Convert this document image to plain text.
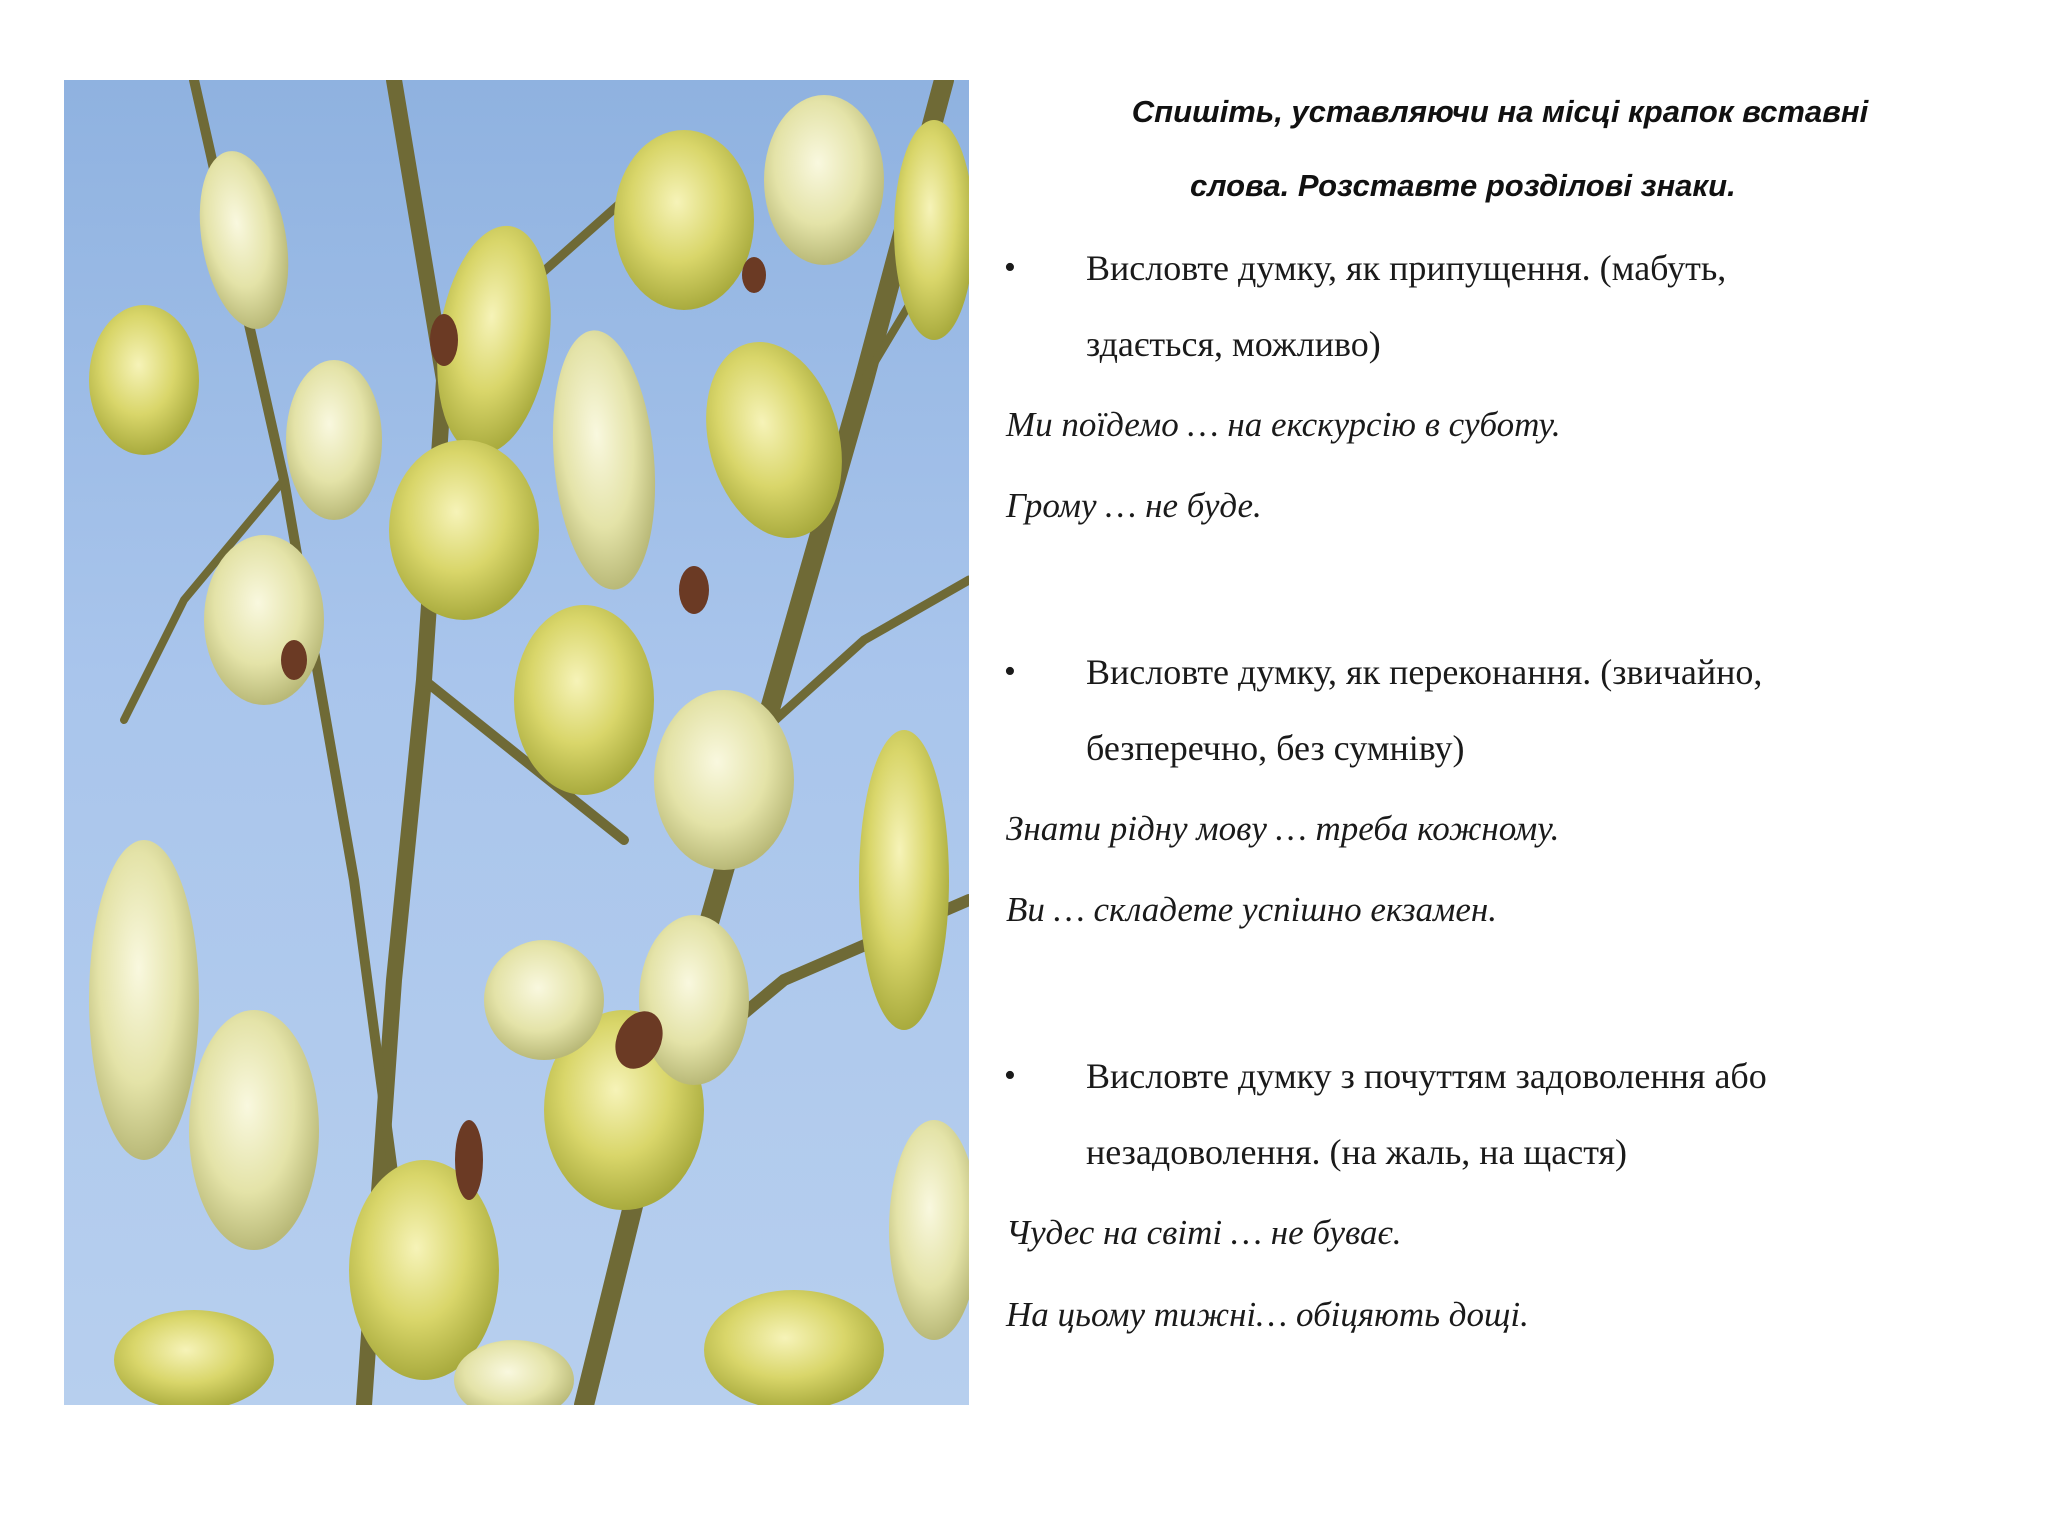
Спишіть, уставляючи на місці крапок вставні
слова. Розставте розділові знаки.
• Висловте думку, як припущення. (мабуть,
здається, можливо)
Ми поїдемо … на екскурсію в суботу.
Грому … не буде.
• Висловте думку, як переконання. (звичайно,
безперечно, без сумніву)
Знати рідну мову … треба кожному.
Ви … складете успішно екзамен.
• Висловте думку з почуттям задоволення або
незадоволення. (на жаль, на щастя)
Чудес на світі … не буває.
На цьому тижні… обіцяють дощі.
